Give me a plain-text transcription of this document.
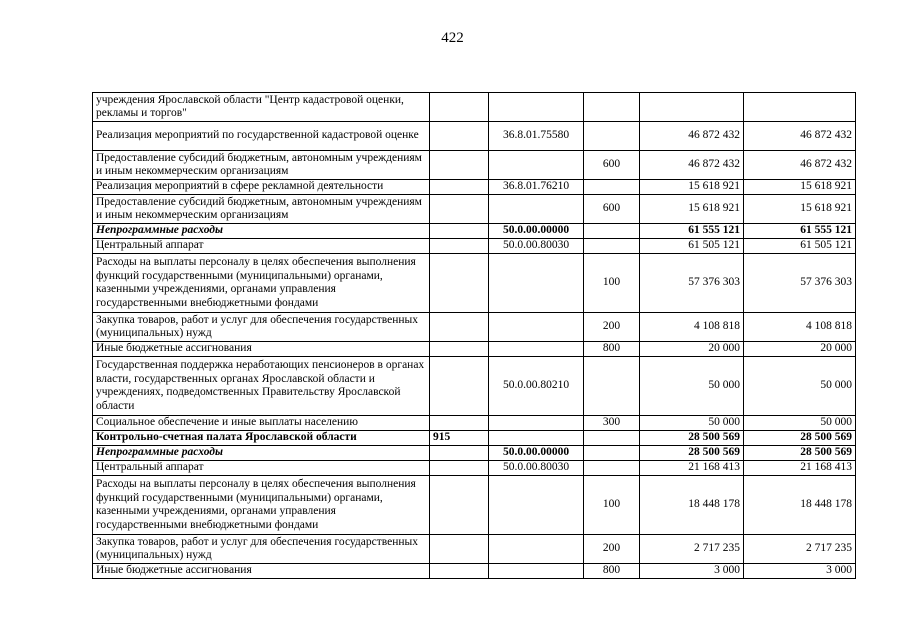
422
учреждения Ярославской области "Центр кадастровой оценки, рекламы и торгов"					
Реализация мероприятий по государственной кадастровой оценке		36.8.01.75580		46 872 432	46 872 432
Предоставление субсидий бюджетным, автономным учреждениям и иным некоммерческим организациям			600	46 872 432	46 872 432
Реализация мероприятий в сфере рекламной деятельности		36.8.01.76210		15 618 921	15 618 921
Предоставление субсидий бюджетным, автономным учреждениям и иным некоммерческим организациям			600	15 618 921	15 618 921
Непрограммные расходы		50.0.00.00000		61 555 121	61 555 121
Центральный аппарат		50.0.00.80030		61 505 121	61 505 121
Расходы на выплаты персоналу в целях обеспечения выполнения функций государственными (муниципальными) органами, казенными учреждениями, органами управления государственными внебюджетными фондами			100	57 376 303	57 376 303
Закупка товаров, работ и услуг для обеспечения государственных (муниципальных) нужд			200	4 108 818	4 108 818
Иные бюджетные ассигнования			800	20 000	20 000
Государственная поддержка неработающих пенсионеров в органах власти, государственных органах Ярославской области и учреждениях, подведомственных Правительству Ярославской области		50.0.00.80210		50 000	50 000
Социальное обеспечение и иные выплаты населению			300	50 000	50 000
Контрольно-счетная палата Ярославской области	915			28 500 569	28 500 569
Непрограммные расходы		50.0.00.00000		28 500 569	28 500 569
Центральный аппарат		50.0.00.80030		21 168 413	21 168 413
Расходы на выплаты персоналу в целях обеспечения выполнения функций государственными (муниципальными) органами, казенными учреждениями, органами управления государственными внебюджетными фондами			100	18 448 178	18 448 178
Закупка товаров, работ и услуг для обеспечения государственных (муниципальных) нужд			200	2 717 235	2 717 235
Иные бюджетные ассигнования			800	3 000	3 000
